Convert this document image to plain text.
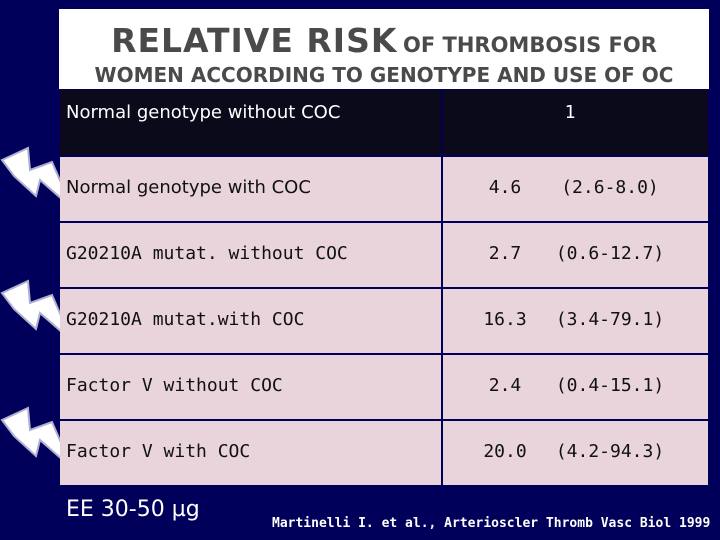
RELATIVE RISK OF THROMBOSIS FOR
WOMEN ACCORDING TO GENOTYPE AND USE OF OC
Normal genotype without COC	1
Normal genotype with COC	4.6	(2.6-8.0)
G20210A mutat. without COC	2.7	(0.6-12.7)
G20210A mutat.with COC	16.3	(3.4-79.1)
Factor V without COC	2.4	(0.4-15.1)
Factor V with COC	20.0	(4.2-94.3)
EE 30-50 µg
Martinelli I. et al., Arterioscler Thromb Vasc Biol 1999
